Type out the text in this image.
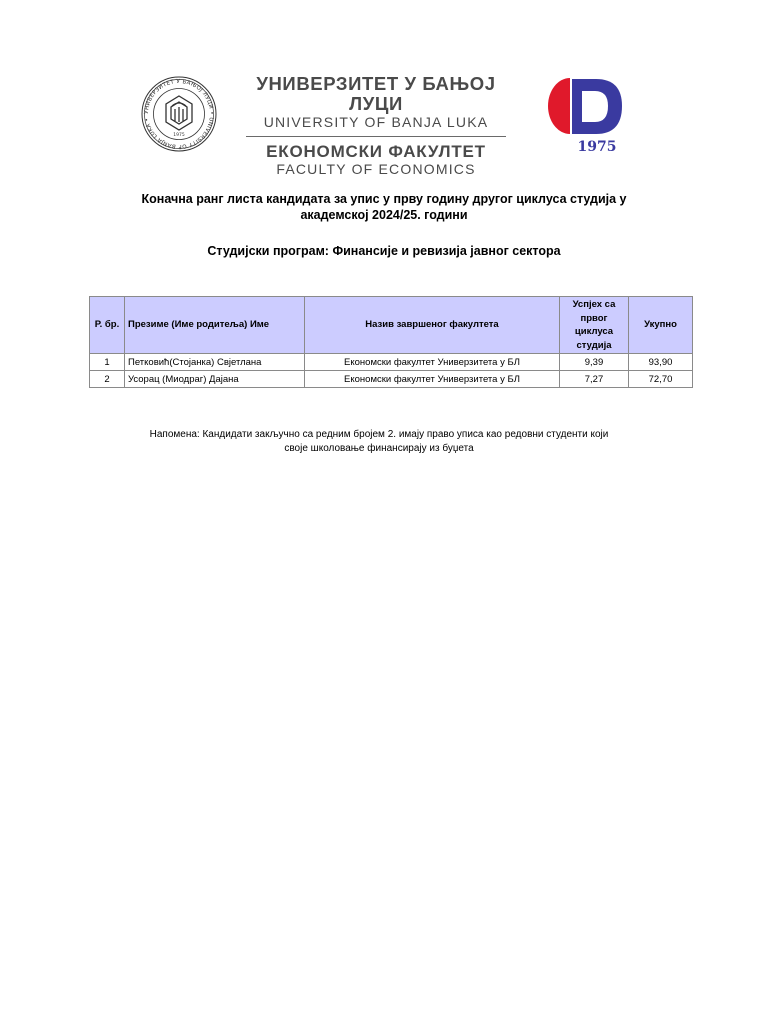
УНИВЕРЗИТЕТ У БАЊОЈ ЛУЦИ • UNIVERSITY OF BANJA LUKA •
1975
УНИВЕРЗИТЕТ У БАЊОЈ ЛУЦИ
UNIVERSITY OF BANJA LUKA
ЕКОНОМСКИ ФАКУЛТЕТ
FACULTY OF ECONOMICS
1975
Коначна ранг листа кандидата за упис у прву годину другог циклуса студија у
академској 2024/25. години
Студијски програм: Финансије и ревизија јавног сектора
Р. бр.	Презиме (Име родитеља) Име	Назив завршеног факултета	Успјех са
првог
циклуса
студија	Укупно
1	Петковић(Стојанка) Свјетлана	Економски факултет Универзитета у БЛ	9,39	93,90
2	Усорац (Миодраг) Дајана	Економски факултет Универзитета у БЛ	7,27	72,70
Напомена: Кандидати закључно са редним бројем 2. имају право уписа као редовни студенти који
своје школовање финансирају из буџета
